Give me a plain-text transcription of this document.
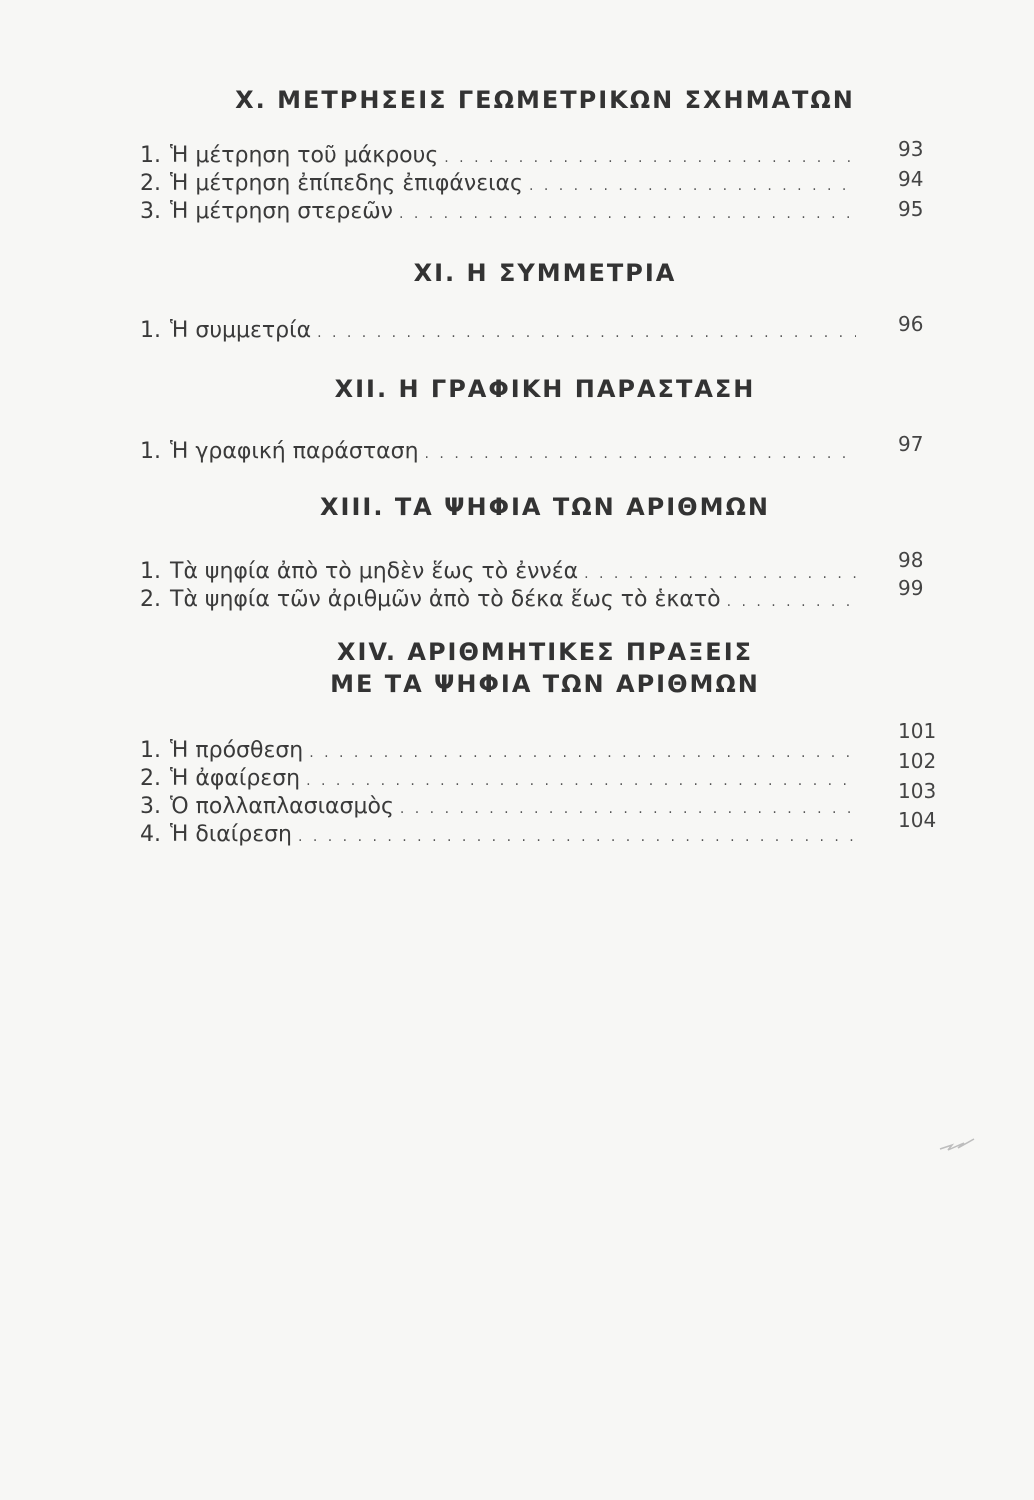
X. ΜΕΤΡΗΣΕΙΣ ΓΕΩΜΕΤΡΙΚΩΝ ΣΧΗΜΑΤΩΝ
1. Ἡ μέτρηση τοῦ μάκρους
. . .
2. Ἡ μέτρηση ἐπίπεδης ἐπιφάνειας
. . .
3. Ἡ μέτρηση στερεῶν
. . .
93
94
95
XI. Η ΣΥΜΜΕΤΡΙΑ
1. Ἡ συμμετρία . . .	96
XII. Η ΓΡΑΦΙΚΗ ΠΑΡΑΣΤΑΣΗ
1. Ἡ γραφική παράσταση . . .	97
XIII. ΤΑ ΨΗΦΙΑ ΤΩΝ ΑΡΙΘΜΩΝ
1. Τὰ ψηφία ἀπὸ τὸ μηδὲν ἕως τὸ ἐννέα
. . .
2. Τὰ ψηφία τῶν ἀριθμῶν ἀπὸ τὸ δέκα ἕως τὸ ἑκατὸ
. . .
98
99
XIV. ΑΡΙΘΜΗΤΙΚΕΣ ΠΡΑΞΕΙΣ
ΜΕ ΤΑ ΨΗΦΙΑ ΤΩΝ ΑΡΙΘΜΩΝ
1. Ἡ πρόσθεση
. . .
2. Ἡ ἀφαίρεση
. . .
3. Ὁ πολλαπλασιασμὸς
. . .
4. Ἡ διαίρεση
. . .
101
102
103
104
